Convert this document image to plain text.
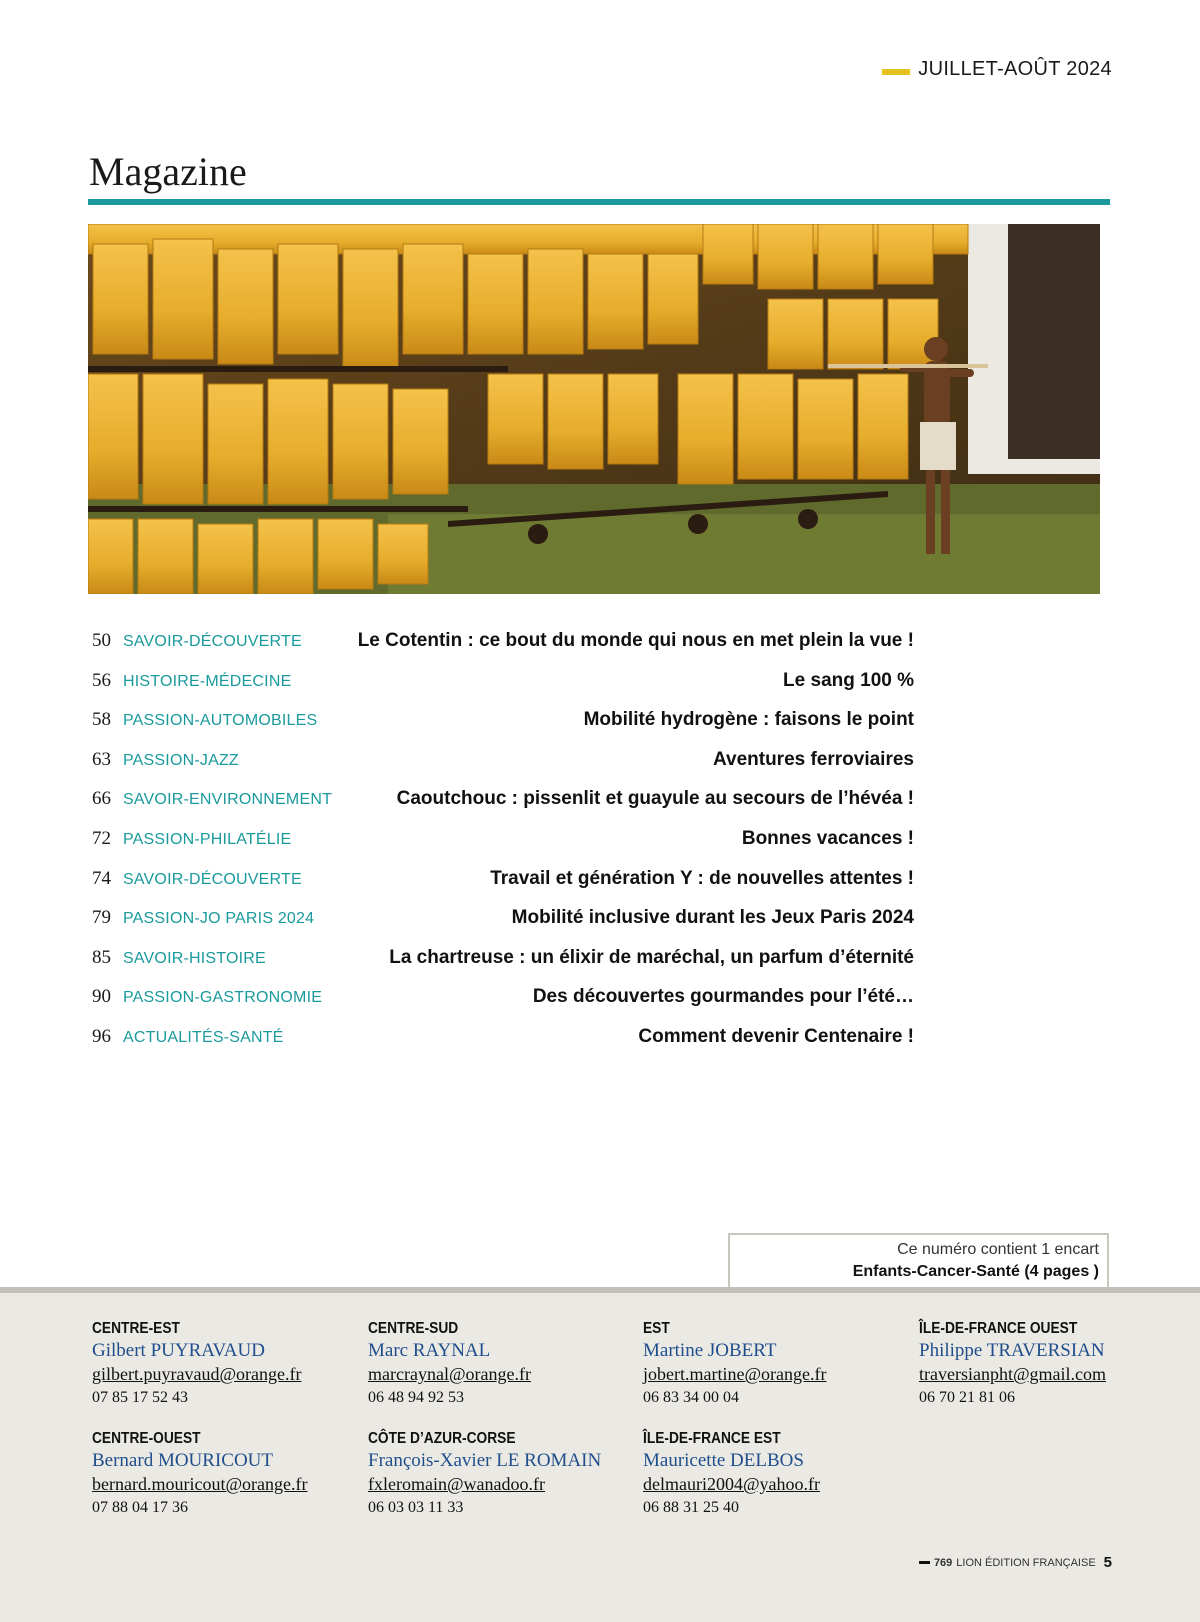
JUILLET-AOÛT 2024
Magazine
50 SAVOIR-DÉCOUVERTE	Le Cotentin : ce bout du monde qui nous en met plein la vue !
56 HISTOIRE-MÉDECINE	Le sang 100 %
58 PASSION-AUTOMOBILES	Mobilité hydrogène : faisons le point
63 PASSION-JAZZ	Aventures ferroviaires
66 SAVOIR-ENVIRONNEMENT	Caoutchouc : pissenlit et guayule au secours de l’hévéa !
72 PASSION-PHILATÉLIE	Bonnes vacances !
74 SAVOIR-DÉCOUVERTE	Travail et génération Y : de nouvelles attentes !
79 PASSION-JO PARIS 2024	Mobilité inclusive durant les Jeux Paris 2024
85 SAVOIR-HISTOIRE	La chartreuse : un élixir de maréchal, un parfum d’éternité
90 PASSION-GASTRONOMIE	Des découvertes gourmandes pour l’été…
96 ACTUALITÉS-SANTÉ	Comment devenir Centenaire !
Ce numéro contient 1 encart
Enfants-Cancer-Santé (4 pages )
CENTRE-EST
Gilbert PUYRAVAUD
gilbert.puyravaud@orange.fr
07 85 17 52 43
CENTRE-SUD
Marc RAYNAL
marcraynal@orange.fr
06 48 94 92 53
EST
Martine JOBERT
jobert.martine@orange.fr
06 83 34 00 04
ÎLE-DE-FRANCE OUEST
Philippe TRAVERSIAN
traversianpht@gmail.com
06 70 21 81 06
CENTRE-OUEST
Bernard MOURICOUT
bernard.mouricout@orange.fr
07 88 04 17 36
CÔTE D’AZUR-CORSE
François-Xavier LE ROMAIN
fxleromain@wanadoo.fr
06 03 03 11 33
ÎLE-DE-FRANCE EST
Mauricette DELBOS
delmauri2004@yahoo.fr
06 88 31 25 40
769 LION ÉDITION FRANÇAISE 5
